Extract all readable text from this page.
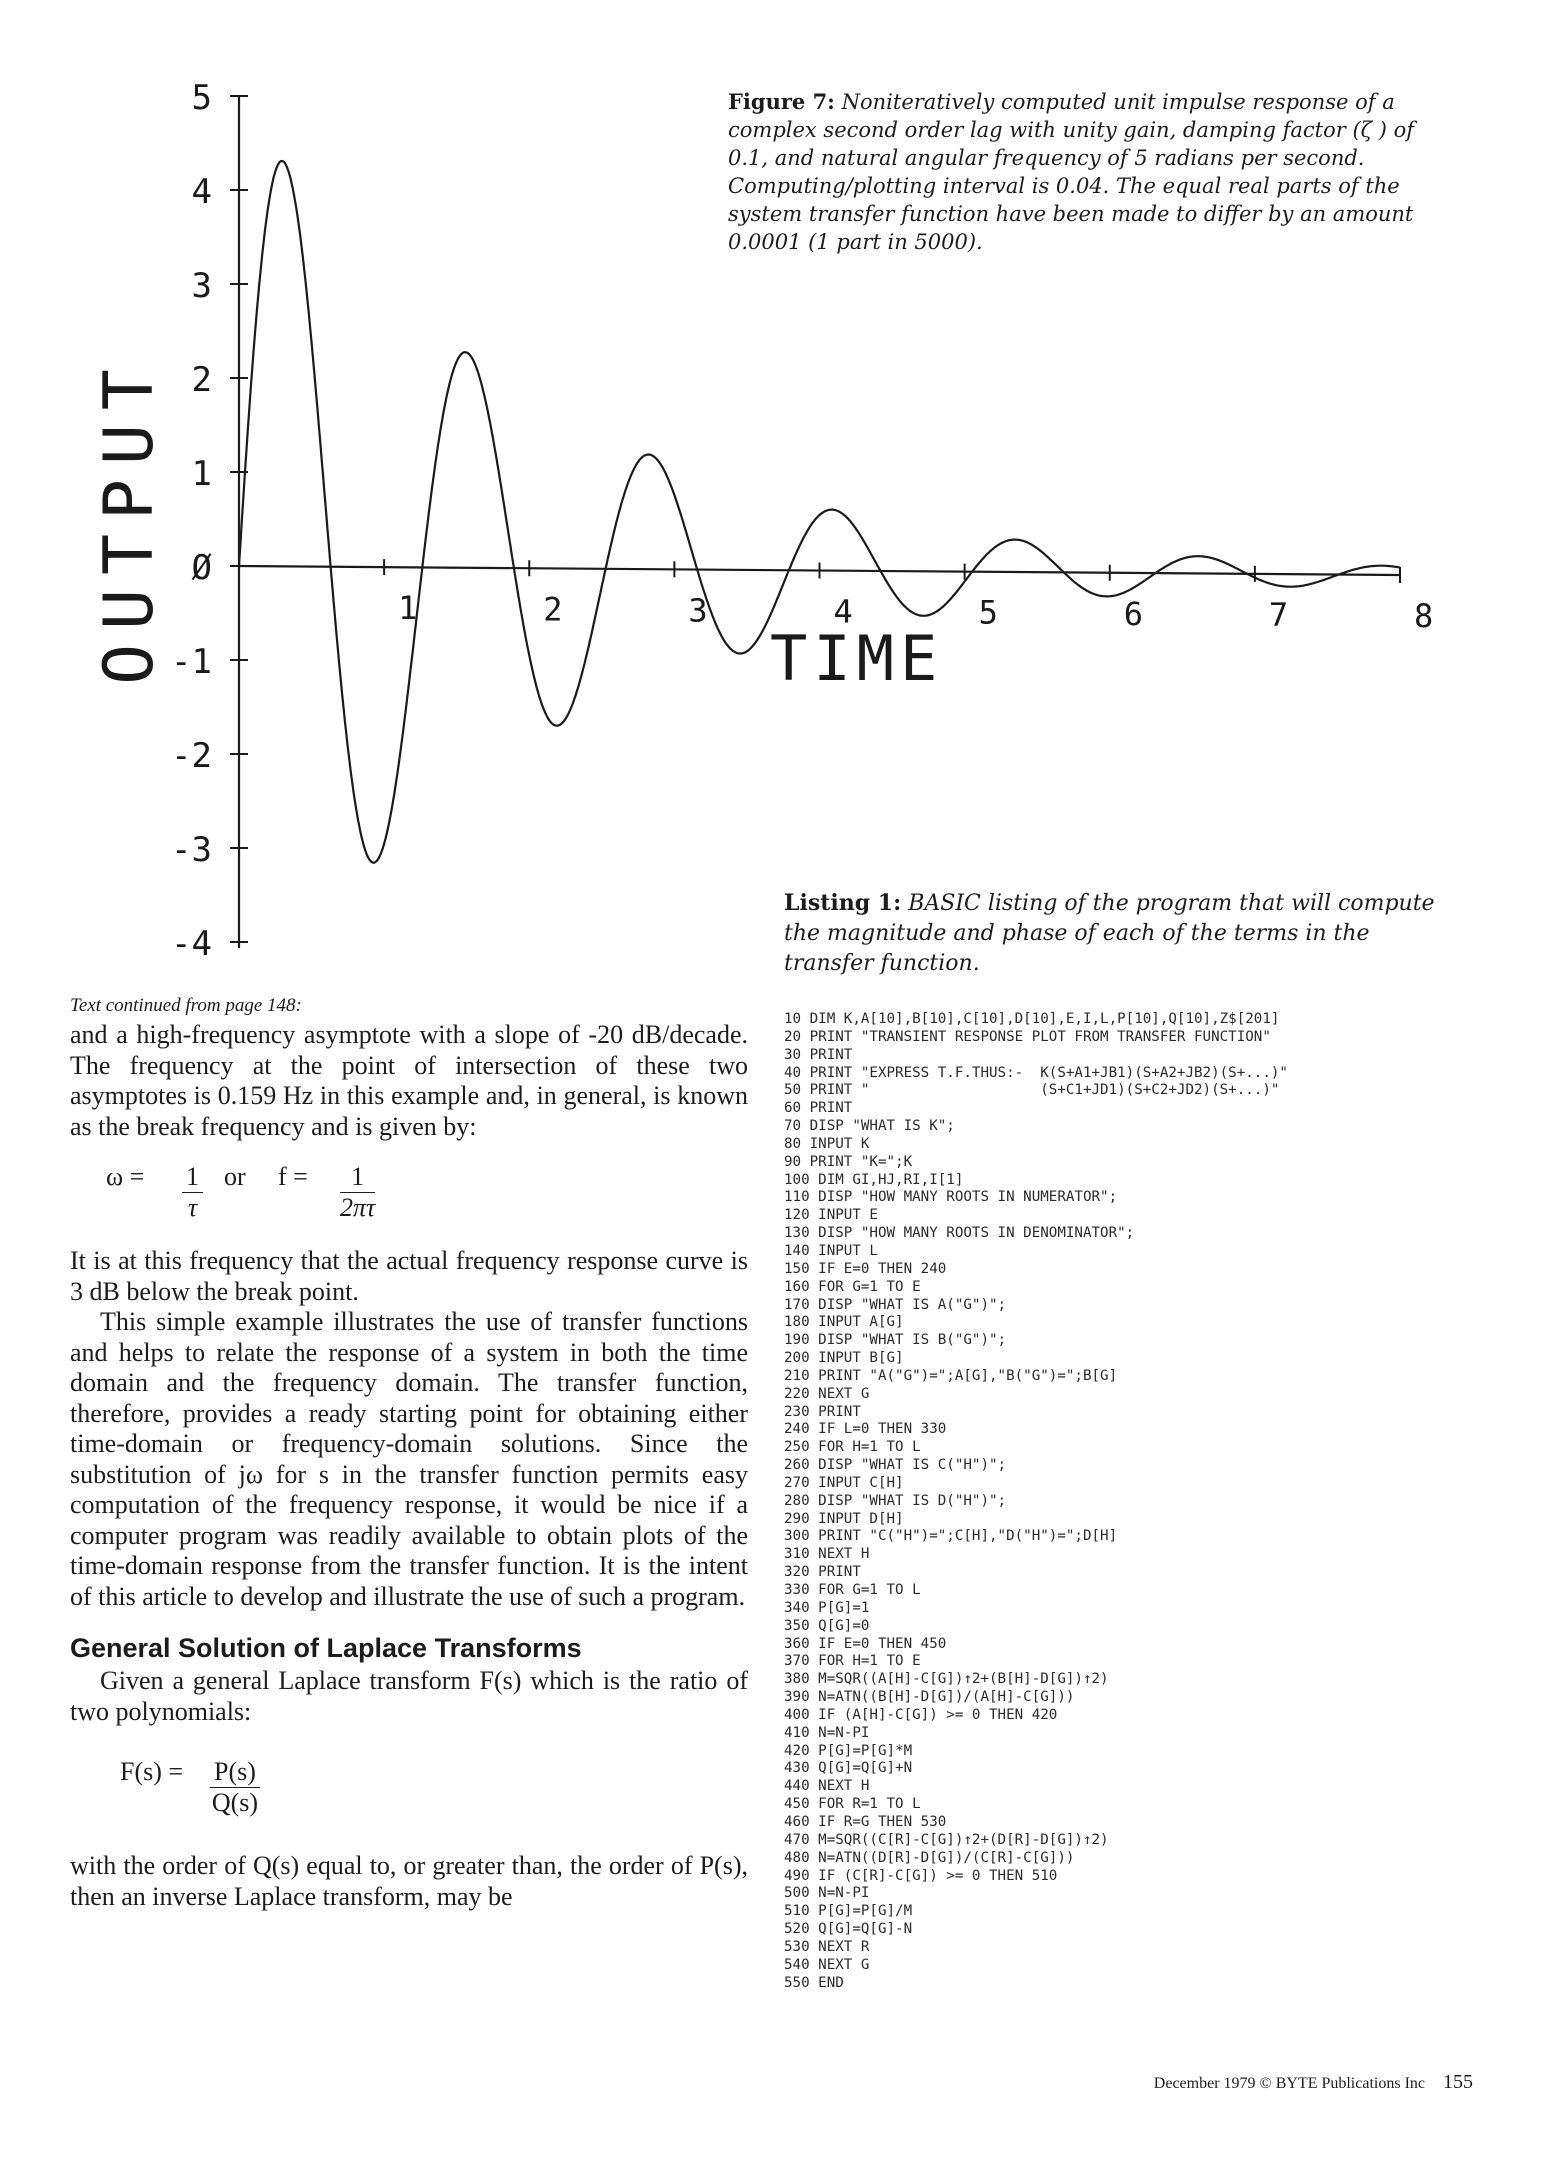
5
4
3
2
1
Ø
-1
-2
-3
-4
1	2	3	4	5	6	7	8
OUTPUT	TIME
Figure 7: Noniteratively computed unit impulse response of a complex second order lag with unity gain, damping factor (ζ ) of 0.1, and natural angular frequency of 5 radians per second. Computing/plotting interval is 0.04. The equal real parts of the system transfer function have been made to differ by an amount 0.0001 (1 part in 5000).
Listing 1: BASIC listing of the program that will compute the magnitude and phase of each of the terms in the transfer function.
Text continued from page 148:

and a high-frequency asymptote with a slope of -20 dB/decade. The frequency at the point of intersection of these two asymptotes is 0.159 Hz in this example and, in general, is known as the break frequency and is given by:

$\omega = \frac{1}{\tau}$ or $f = \frac{1}{2\pi\tau}$

It is at this frequency that the actual frequency response curve is 3 dB below the break point.

This simple example illustrates the use of transfer functions and helps to relate the response of a system in both the time domain and the frequency domain. The transfer function, therefore, provides a ready starting point for obtaining either time-domain or frequency-domain solutions. Since the substitution of jω for s in the transfer function permits easy computation of the frequency response, it would be nice if a computer program was readily available to obtain plots of the time-domain response from the transfer function. It is the intent of this article to develop and illustrate the use of such a program.

General Solution of Laplace Transforms

Given a general Laplace transform F(s) which is the ratio of two polynomials:

$F(s) = \frac{P(s)}{Q(s)}$

with the order of Q(s) equal to, or greater than, the order of P(s), then an inverse Laplace transform, may be

10 DIM K,A[10],B[10],C[10],D[10],E,I,L,P[10],Q[10],Z$[201]
20 PRINT "TRANSIENT RESPONSE PLOT FROM TRANSFER FUNCTION"
30 PRINT
40 PRINT "EXPRESS T.F.THUS:-  K(S+A1+JB1)(S+A2+JB2)(S+...)"
50 PRINT "                    (S+C1+JD1)(S+C2+JD2)(S+...)"
60 PRINT
70 DISP "WHAT IS K";
80 INPUT K
90 PRINT "K=";K
100 DIM GI,HJ,RI,I[1]
110 DISP "HOW MANY ROOTS IN NUMERATOR";
120 INPUT E
130 DISP "HOW MANY ROOTS IN DENOMINATOR";
140 INPUT L
150 IF E=0 THEN 240
160 FOR G=1 TO E
170 DISP "WHAT IS A("G")";
180 INPUT A[G]
190 DISP "WHAT IS B("G")";
200 INPUT B[G]
210 PRINT "A("G")=";A[G],"B("G")=";B[G]
220 NEXT G
230 PRINT
240 IF L=0 THEN 330
250 FOR H=1 TO L
260 DISP "WHAT IS C("H")";
270 INPUT C[H]
280 DISP "WHAT IS D("H")";
290 INPUT D[H]
300 PRINT "C("H")=";C[H],"D("H")=";D[H]
310 NEXT H
320 PRINT
330 FOR G=1 TO L
340 P[G]=1
350 Q[G]=0
360 IF E=0 THEN 450
370 FOR H=1 TO E
380 M=SQR((A[H]-C[G])↑2+(B[H]-D[G])↑2)
390 N=ATN((B[H]-D[G])/(A[H]-C[G]))
400 IF (A[H]-C[G]) >= 0 THEN 420
410 N=N-PI
420 P[G]=P[G]*M
430 Q[G]=Q[G]+N
440 NEXT H
450 FOR R=1 TO L
460 IF R=G THEN 530
470 M=SQR((C[R]-C[G])↑2+(D[R]-D[G])↑2)
480 N=ATN((D[R]-D[G])/(C[R]-C[G]))
490 IF (C[R]-C[G]) >= 0 THEN 510
500 N=N-PI
510 P[G]=P[G]/M
520 Q[G]=Q[G]-N
530 NEXT R
540 NEXT G
550 END
December 1979 © BYTE Publications Inc 155
